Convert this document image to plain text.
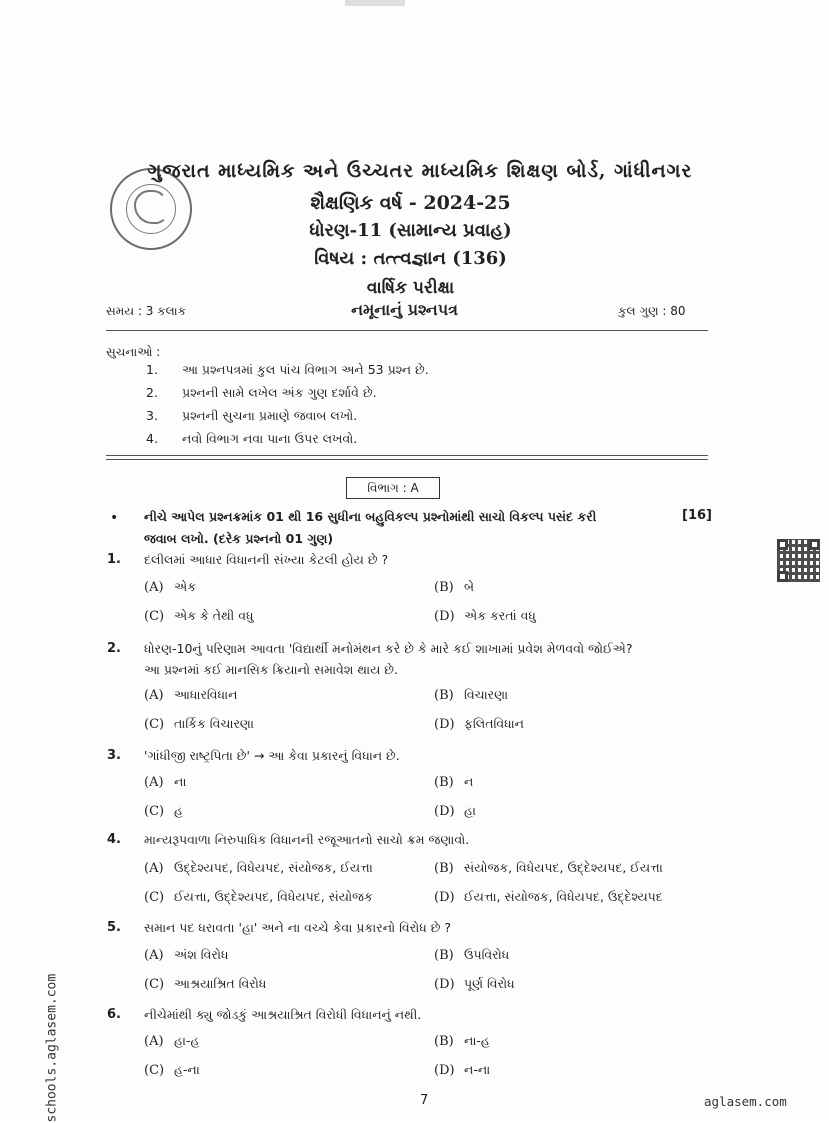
ગુજરાત માધ્યમિક અને ઉચ્ચતર માધ્યમિક શિક્ષણ બોર્ડ, ગાંધીનગર
શૈક્ષણિક વર્ષ - 2024-25
ધોરણ-11 (સામાન્ય પ્રવાહ)
વિષય : તત્ત્વજ્ઞાન (136)
વાર્ષિક પરીક્ષા
નમૂનાનું પ્રશ્નપત્ર
સમય : 3 કલાક	કુલ ગુણ : 80
સુચનાઓ :
1. આ પ્રશ્નપત્રમાં કુલ પાંચ વિભાગ અને 53 પ્રશ્ન છે.
2. પ્રશ્નની સામે લખેલ અંક ગુણ દર્શાવે છે.
3. પ્રશ્નની સુચના પ્રમાણે જવાબ લખો.
4. નવો વિભાગ નવા પાના ઉપર લખવો.
વિભાગ : A
• નીચે આપેલ પ્રશ્નક્રમાંક 01 થી 16 સુધીના બહુવિકલ્પ પ્રશ્નોમાંથી સાચો વિકલ્પ પસંદ કરી
જવાબ લખો. (દરેક પ્રશ્નનો 01 ગુણ)
[16]
1. દલીલમાં આધાર વિધાનની સંખ્યા કેટલી હોય છે ?
(A) એક	(B) બે
(C) એક કે તેથી વધુ	(D) એક કરતાં વધુ
2. ધોરણ-10નું પરિણામ આવતા 'વિદ્યાર્થી મનોમંથન કરે છે કે મારે કઈ શાખામાં પ્રવેશ મેળવવો જોઈએ?
આ પ્રશ્નમાં કઈ માનસિક ક્રિયાનો સમાવેશ થાય છે.
(A) આધારવિધાન	(B) વિચારણા
(C) તાર્કિક વિચારણા	(D) ફલિતવિધાન
3. 'ગાંધીજી રાષ્ટ્રપિતા છે' → આ કેવા પ્રકારનું વિધાન છે.
(A) ના	(B) ન
(C) હ	(D) હા
4. માન્યરૂપવાળા નિરુપાધિક વિધાનની રજૂઆતનો સાચો ક્રમ જણાવો.
(A) ઉદ્દેશ્યપદ, વિધેયપદ, સંયોજક, ઈયત્તા	(B) સંયોજક, વિધેયપદ, ઉદ્દેશ્યપદ, ઈયત્તા
(C) ઈયત્તા, ઉદ્દેશ્યપદ, વિધેયપદ, સંયોજક	(D) ઈયત્તા, સંયોજક, વિધેયપદ, ઉદ્દેશ્યપદ
5. સમાન પદ ધરાવતા 'હા' અને ના વચ્ચે કેવા પ્રકારનો વિરોધ છે ?
(A) અંશ વિરોધ	(B) ઉપવિરોધ
(C) આશ્રયાશ્રિત વિરોધ	(D) પૂર્ણ વિરોધ
6. નીચેમાંથી ક્યુ જોડકું આશ્રયાશ્રિત વિરોધી વિધાનનું નથી.
(A) હા-હ	(B) ના-હ
(C) હ-ના	(D) ન-ના
7
schools.aglasem.com	aglasem.com
